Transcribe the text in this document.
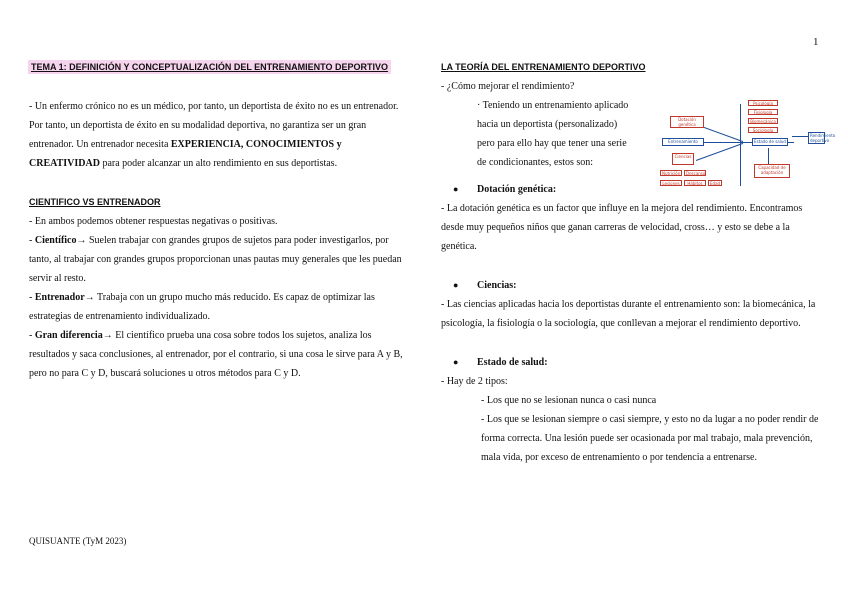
1
TEMA 1: DEFINICIÓN Y CONCEPTUALIZACIÓN DEL ENTRENAMIENTO DEPORTIVO

- Un enfermo crónico no es un médico, por tanto, un deportista de éxito no es un entrenador. Por tanto, un deportista de éxito en su modalidad deportiva, no garantiza ser un gran entrenador. Un entrenador necesita EXPERIENCIA, CONOCIMIENTOS y CREATIVIDAD para poder alcanzar un alto rendimiento en sus deportistas.

CIENTIFICO VS ENTRENADOR

- En ambos podemos obtener respuestas negativas o positivas.

- Científico→ Suelen trabajar con grandes grupos de sujetos para poder investigarlos, por tanto, al trabajar con grandes grupos proporcionan unas pautas muy generales que les puedan servir al resto.

- Entrenador→ Trabaja con un grupo mucho más reducido. Es capaz de optimizar las estrategias de entrenamiento individualizado.

- Gran diferencia→ El científico prueba una cosa sobre todos los sujetos, analiza los resultados y saca conclusiones, al entrenador, por el contrario, si una cosa le sirve para A y B, pero no para C y D, buscará soluciones u otros métodos para C y D.

QUISUANTE (TyM 2023)
LA TEORÍA DEL ENTRENAMIENTO DEPORTIVO

- ¿Cómo mejorar el rendimiento?

· Teniendo un entrenamiento aplicado hacia un deportista (personalizado) pero para ello hay que tener una serie de condicionantes, estos son:

● Dotación genética:

- La dotación genética es un factor que influye en la mejora del rendimiento. Encontramos desde muy pequeños niños que ganan carreras de velocidad, cross… y esto se debe a la genética.

● Ciencias:

- Las ciencias aplicadas hacia los deportistas durante el entrenamiento son: la biomecánica, la psicología, la fisiología o la sociología, que conllevan a mejorar el rendimiento deportivo.

● Estado de salud:

- Hay de 2 tipos:

- Los que no se lesionan nunca o casi nunca

- Los que se lesionan siempre o casi siempre, y esto no da lugar a no poder rendir de forma correcta. Una lesión puede ser ocasionada por mal trabajo, mala prevención, mala vida, por exceso de entrenamiento o por tendencia a entrenarse.

Dotación genética
Entrenamiento
Ciencias
Estado de salud
Rendimiento deportivo
Capacidad de adaptación
Psicología
Fisiología
Biomecánica
Sociología
Nutrición	Descanso
Lesiones	Hábitos	Edad
